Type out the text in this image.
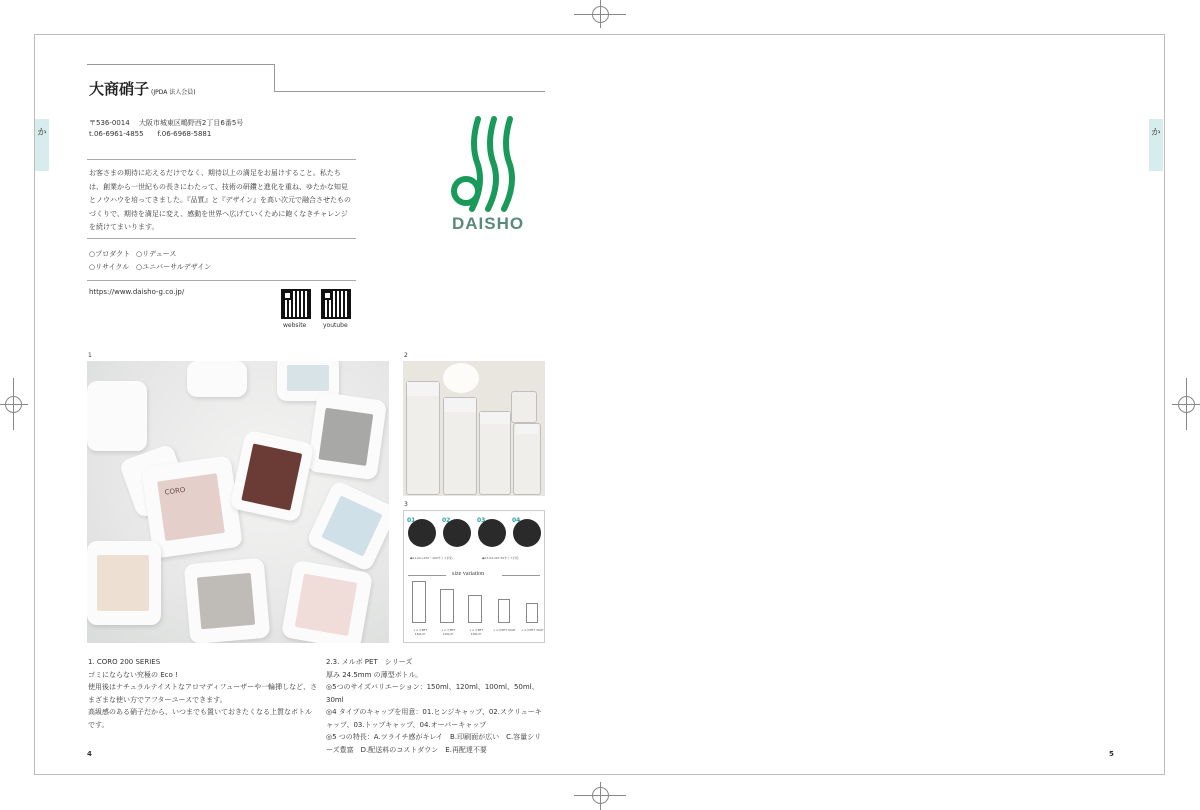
か	か
大商硝子 (JPDA 法人会員)
〒536-0014　 大阪市城東区鴫野西2丁目6番5号
t.06-6961-4855　　f.06-6968-5881
お客さまの期待に応えるだけでなく、期待以上の満足をお届けすること。私たちは、創業から一世紀もの長きにわたって、技術の研鑽と進化を重ね、ゆたかな知見とノウハウを培ってきました。『品質』と『デザイン』を高い次元で融合させたものづくりで、期待を満足に変え、感動を世界へ広げていくために飽くなきチャレンジを続けてまいります。
○プロダクト ○リデュース
○リサイクル ○ユニバーサルデザイン
https://www.daisho-g.co.jp/
website	youtube
DAISHO
1	2
3
CORO
01	02	03	04
◆01.02→150〜100サイズ対応	◆03.04→50.30サイズ対応
size variation
メルボPET 150L/H
メルボPET 120L/H
メルボPET 100L/H
メルボPET 50AT メルボPET 30AT
1. CORO 200 SERIES
ゴミにならない究極の Eco !
使用後はナチュラルテイストなアロマディフューザーや一輪挿しなど、さまざまな使い方でアフターユースできます。
高級感のある硝子だから、いつまでも置いておきたくなる上質なボトルです。
2.3. メルボ PET　シリーズ
厚み 24.5mm の薄型ボトル。
◎5つのサイズバリエーション：150ml、120ml、100ml、50ml、30ml
◎4 タイプのキャップを用意：01.ヒンジキャップ、02.スクリューキャップ、03.トップキャップ、04.オーバーキャップ
◎5 つの特長：A.ツライチ感がキレイ　B.印刷面が広い　C.容量シリーズ豊富　D.配送料のコストダウン　E.再配達不要
4	5
